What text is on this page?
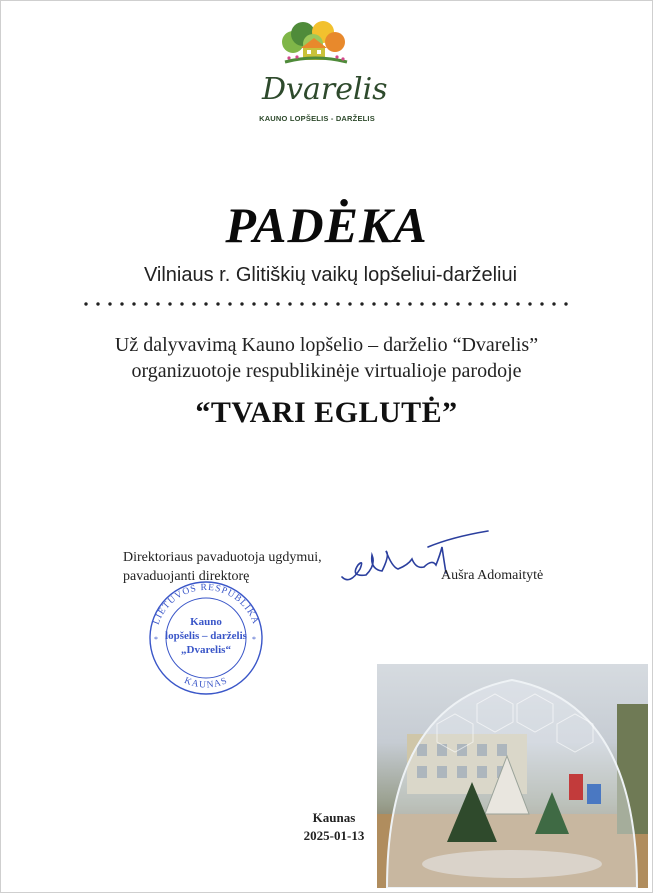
Dvarelis
KAUNO LOPŠELIS - DARŽELIS
PADĖKA
Vilniaus r. Glitiškių vaikų lopšeliui-darželiui
Už dalyvavimą Kauno lopšelio – darželio “Dvarelis”
organizuotoje respublikinėje virtualioje parodoje
“TVARI EGLUTĖ”
Direktoriaus pavaduotoja ugdymui,
pavaduojanti direktorę	Aušra Adomaitytė
LIETUVOS RESPUBLIKA
KAUNAS
Kauno
lopšelis – darželis
„Dvarelis“
*	*
Kaunas
2025-01-13
